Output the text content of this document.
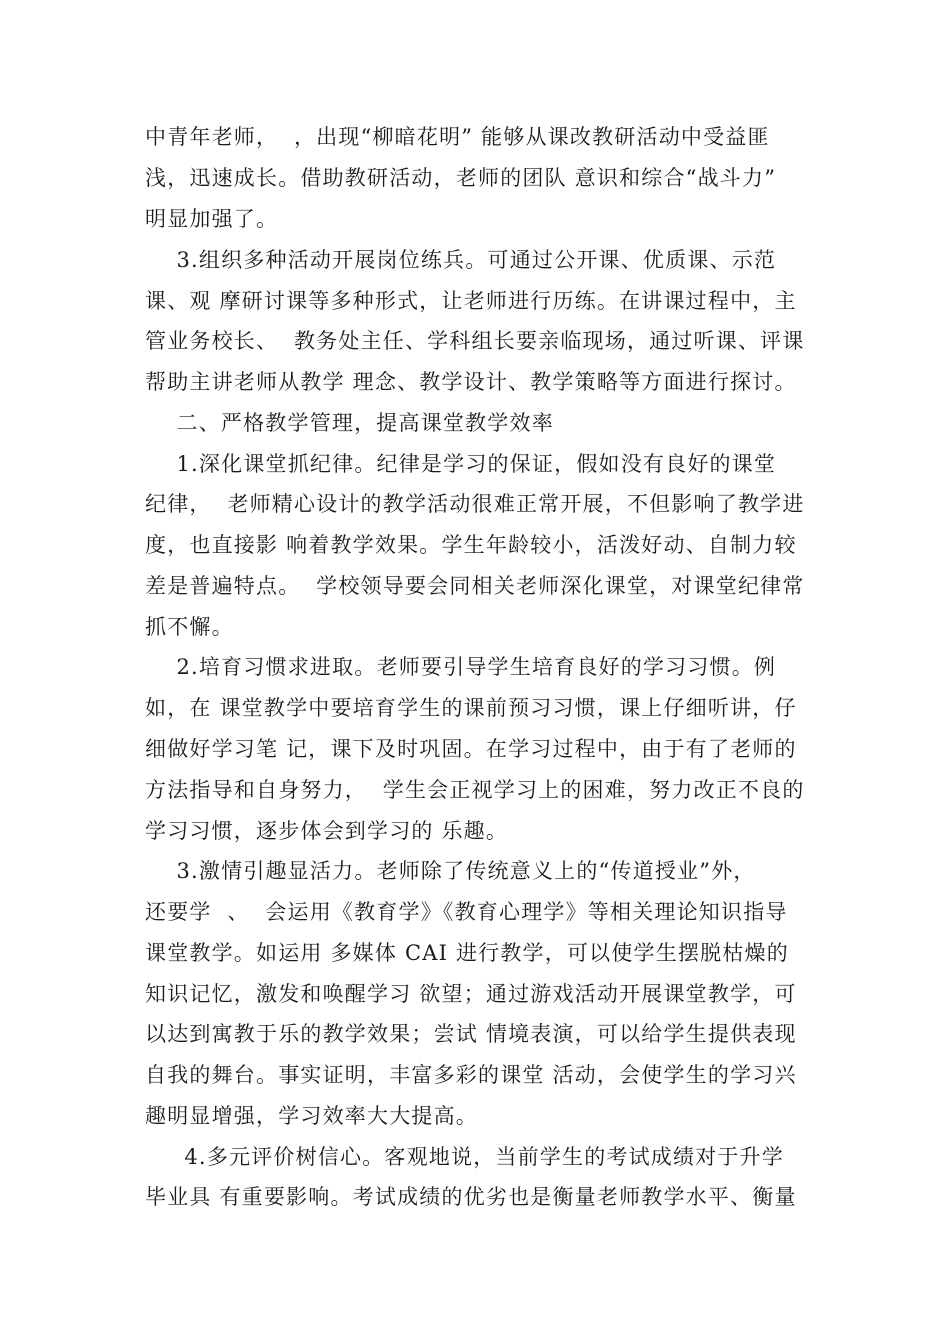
中青年老师，  ，出现“柳暗花明” 能够从课改教研活动中受益匪
浅，迅速成长。借助教研活动，老师的团队 意识和综合“战斗力”
明显加强了。
3.组织多种活动开展岗位练兵。可通过公开课、优质课、示范
课、观 摩研讨课等多种形式，让老师进行历练。在讲课过程中，主
管业务校长、  教务处主任、学科组长要亲临现场，通过听课、评课
帮助主讲老师从教学 理念、教学设计、教学策略等方面进行探讨。
二、严格教学管理，提高课堂教学效率
1.深化课堂抓纪律。纪律是学习的保证，假如没有良好的课堂
纪律，  老师精心设计的教学活动很难正常开展，不但影响了教学进
度，也直接影 响着教学效果。学生年龄较小，活泼好动、自制力较
差是普遍特点。  学校领导要会同相关老师深化课堂，对课堂纪律常
抓不懈。
2.培育习惯求进取。老师要引导学生培育良好的学习习惯。例
如，在 课堂教学中要培育学生的课前预习习惯，课上仔细听讲，仔
细做好学习笔 记，课下及时巩固。在学习过程中，由于有了老师的
方法指导和自身努力，  学生会正视学习上的困难，努力改正不良的
学习习惯，逐步体会到学习的 乐趣。
3.激情引趣显活力。老师除了传统意义上的“传道授业”外，
还要学  、  会运用《教育学》《教育心理学》等相关理论知识指导
课堂教学。如运用 多媒体 CAI 进行教学，可以使学生摆脱枯燥的
知识记忆，激发和唤醒学习 欲望；通过游戏活动开展课堂教学，可
以达到寓教于乐的教学效果；尝试 情境表演，可以给学生提供表现
自我的舞台。事实证明，丰富多彩的课堂 活动，会使学生的学习兴
趣明显增强，学习效率大大提高。
4.多元评价树信心。客观地说，当前学生的考试成绩对于升学
毕业具 有重要影响。考试成绩的优劣也是衡量老师教学水平、衡量
